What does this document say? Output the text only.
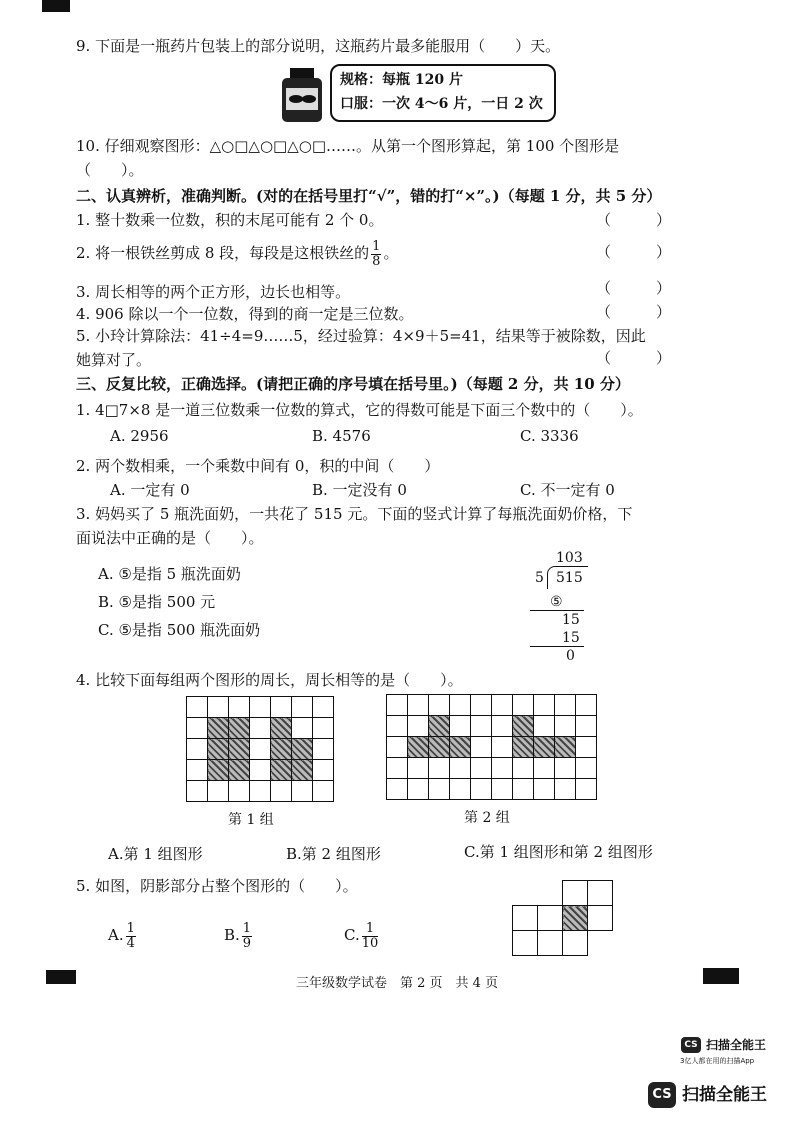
9. 下面是一瓶药片包装上的部分说明，这瓶药片最多能服用（　　）天。
规格：每瓶 120 片
口服：一次 4～6 片，一日 2 次
10. 仔细观察图形：△○□△○□△○□……。从第一个图形算起，第 100 个图形是
（　　）。
二、认真辨析，准确判断。(对的在括号里打“√”，错的打“×”。)（每题 1 分，共 5 分）
1. 整十数乘一位数，积的末尾可能有 2 个 0。	（　　　）
2. 将一根铁丝剪成 8 段，每段是这根铁丝的 $\frac{1}{8}$ 。	（　　　）
3. 周长相等的两个正方形，边长也相等。	（　　　）
4. 906 除以一个一位数，得到的商一定是三位数。	（　　　）
5. 小玲计算除法：41÷4=9……5，经过验算：4×9＋5=41，结果等于被除数，因此
她算对了。	（　　　）
三、反复比较，正确选择。(请把正确的序号填在括号里。)（每题 2 分，共 10 分）
1. 4□7×8 是一道三位数乘一位数的算式，它的得数可能是下面三个数中的（　　）。
A. 2956	B. 4576	C. 3336
2. 两个数相乘，一个乘数中间有 0，积的中间（　　）
A. 一定有 0	B. 一定没有 0	C. 不一定有 0
3. 妈妈买了 5 瓶洗面奶，一共花了 515 元。下面的竖式计算了每瓶洗面奶价格，下
面说法中正确的是（　　）。
A. ⑤是指 5 瓶洗面奶
B. ⑤是指 500 元
C. ⑤是指 500 瓶洗面奶
103
5 515
⑤
15
15
0
4. 比较下面每组两个图形的周长，周长相等的是（　　）。

第 1 组

										第 2 组
A.第 1 组图形	B.第 2 组图形	C.第 1 组图形和第 2 组图形
5. 如图，阴影部分占整个图形的（　　）。

A. $\frac{1}{4}$	B. $\frac{1}{9}$	C. $\frac{1}{10}$
三年级数学试卷　第 2 页　共 4 页
CS 扫描全能王
3亿人都在用的扫描App
CS 扫描全能王
